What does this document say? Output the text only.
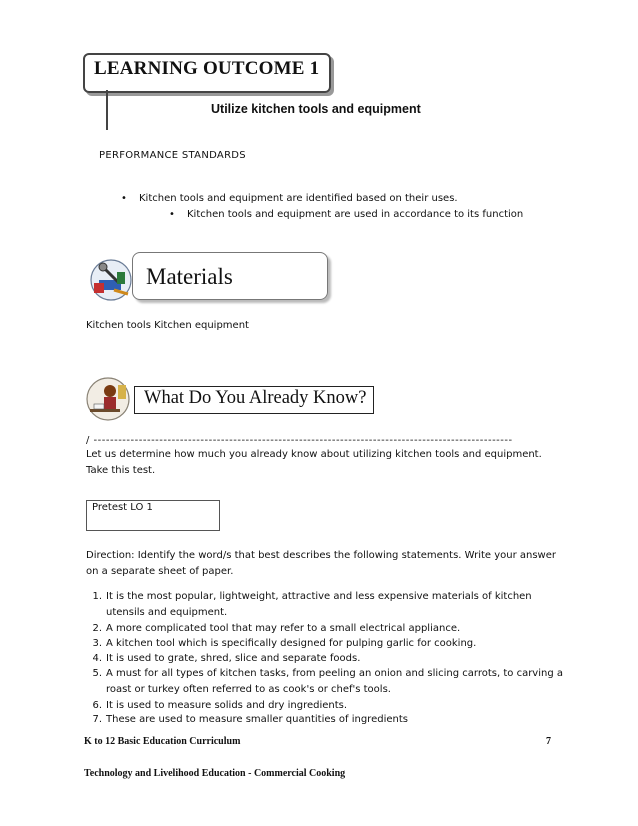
LEARNING OUTCOME 1
Utilize kitchen tools and equipment
PERFORMANCE STANDARDS
• Kitchen tools and equipment are identified based on their uses.
• Kitchen tools and equipment are used in accordance to its function
Materials
Kitchen tools Kitchen equipment
What Do You Already Know?
/ ------------------------------------------------------------------------------------------------------
Let us determine how much you already know about utilizing kitchen tools and equipment.
Take this test.
Pretest LO 1
Direction: Identify the word/s that best describes the following statements. Write your answer
on a separate sheet of paper.
1. It is the most popular, lightweight, attractive and less expensive materials of kitchen
utensils and equipment.
2. A more complicated tool that may refer to a small electrical appliance.
3. A kitchen tool which is specifically designed for pulping garlic for cooking.
4. It is used to grate, shred, slice and separate foods.
5. A must for all types of kitchen tasks, from peeling an onion and slicing carrots, to carving a
roast or turkey often referred to as cook's or chef's tools.
6. It is used to measure solids and dry ingredients.
7. These are used to measure smaller quantities of ingredients
K to 12 Basic Education Curriculum	7
Technology and Livelihood Education - Commercial Cooking
